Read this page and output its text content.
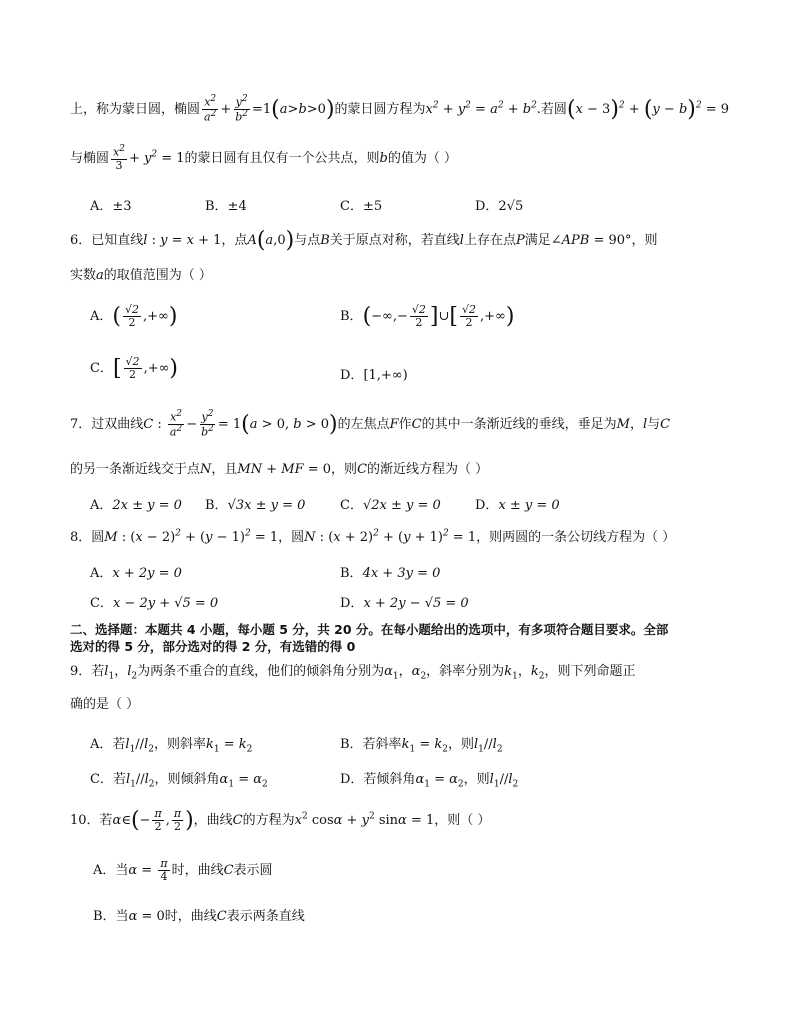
上，称为蒙日圆，椭圆 $\frac{x^2}{a^2} + \frac{y^2}{b^2} =1(a>b>0)$的蒙日圆方程为$x^2 + y^2 = a^2 + b^2$.若圆$(x - 3)^2 + (y - b)^2 = 9$
与椭圆 $\frac{x^2}{3} + y^2 = 1$的蒙日圆有且仅有一个公共点，则b的值为（ ）
A．±3	B．±4	C．±5	D．2√5
6．已知直线l : y = x + 1，点A(a,0)与点B关于原点对称，若直线l上存在点P满足∠APB = 90°，则
实数a的取值范围为（ ）
A．( $\frac{√2}{2}$ ,+∞)	B．(−∞,− $\frac{√2}{2}$ ]∪[ $\frac{√2}{2}$ ,+∞)
C．[ $\frac{√2}{2}$ ,+∞)	D．[1,+∞)
7．过双曲线C : $\frac{x^2}{a^2} - \frac{y^2}{b^2} = 1(a > 0$, b > 0)的左焦点F作C的其中一条渐近线的垂线，垂足为M，l与C
的另一条渐近线交于点N，且MN + MF = 0，则C的渐近线方程为（ ）
A．2x ± y = 0 B．√3x ± y = 0	C．√2x ± y = 0	D．x ± y = 0
8．圆M : $(x - 2)^2 + (y - 1)^2 = 1$，圆N : $(x + 2)^2 + (y + 1)^2 = 1$，则两圆的一条公切线方程为（ ）
A．x + 2y = 0	B．4x + 3y = 0
C．x − 2y + √5 = 0	D．x + 2y − √5 = 0
二、选择题：本题共 4 小题，每小题 5 分，共 20 分。在每小题给出的选项中，有多项符合题目要求。全部
选对的得 5 分，部分选对的得 2 分，有选错的得 0
9．若$l_1$，$l_2$为两条不重合的直线，他们的倾斜角分别为$\alpha_1$，$\alpha_2$，斜率分别为$k_1$，$k_2$，则下列命题正
确的是（ ）
A．若$l_1//l_2$，则斜率$k_1 = k_2$	B．若斜率$k_1 = k_2$，则$l_1//l_2$
C．若$l_1//l_2$，则倾斜角$\alpha_1 = \alpha_2$	D．若倾斜角$\alpha_1 = \alpha_2$，则$l_1//l_2$
10．若α∈(− $\frac{\pi}{2}$ , $\frac{\pi}{2}$ )，曲线C的方程为$x^2$ $\cos\alpha + y^2$ sinα = 1，则（ ）
A．当$\alpha = \frac{\pi}{4}$ 时，曲线C表示圆
B．当α = 0时，曲线C表示两条直线
